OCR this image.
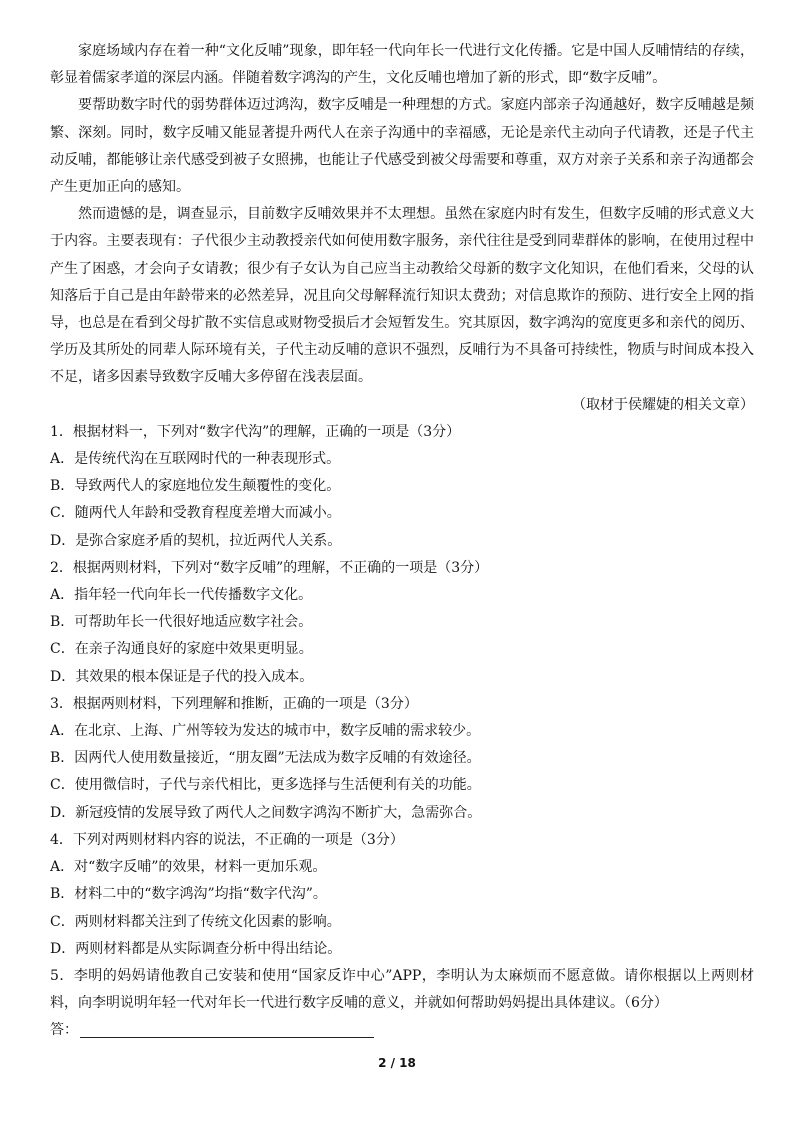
家庭场域内存在着一种“文化反哺”现象，即年轻一代向年长一代进行文化传播。它是中国人反哺情结的存续，彰显着儒家孝道的深层内涵。伴随着数字鸿沟的产生，文化反哺也增加了新的形式，即“数字反哺”。

要帮助数字时代的弱势群体迈过鸿沟，数字反哺是一种理想的方式。家庭内部亲子沟通越好，数字反哺越是频繁、深刻。同时，数字反哺又能显著提升两代人在亲子沟通中的幸福感，无论是亲代主动向子代请教，还是子代主动反哺，都能够让亲代感受到被子女照拂，也能让子代感受到被父母需要和尊重，双方对亲子关系和亲子沟通都会产生更加正向的感知。

然而遗憾的是，调查显示，目前数字反哺效果并不太理想。虽然在家庭内时有发生，但数字反哺的形式意义大于内容。主要表现有：子代很少主动教授亲代如何使用数字服务，亲代往往是受到同辈群体的影响，在使用过程中产生了困惑，才会向子女请教；很少有子女认为自己应当主动教给父母新的数字文化知识，在他们看来，父母的认知落后于自己是由年龄带来的必然差异，况且向父母解释流行知识太费劲；对信息欺诈的预防、进行安全上网的指导，也总是在看到父母扩散不实信息或财物受损后才会短暂发生。究其原因，数字鸿沟的宽度更多和亲代的阅历、学历及其所处的同辈人际环境有关，子代主动反哺的意识不强烈，反哺行为不具备可持续性，物质与时间成本投入不足，诸多因素导致数字反哺大多停留在浅表层面。

（取材于侯耀婕的相关文章）

1．根据材料一，下列对“数字代沟”的理解，正确的一项是（3分）

A．是传统代沟在互联网时代的一种表现形式。

B．导致两代人的家庭地位发生颠覆性的变化。

C．随两代人年龄和受教育程度差增大而减小。

D．是弥合家庭矛盾的契机，拉近两代人关系。

2．根据两则材料，下列对“数字反哺”的理解，不正确的一项是（3分）

A．指年轻一代向年长一代传播数字文化。

B．可帮助年长一代很好地适应数字社会。

C．在亲子沟通良好的家庭中效果更明显。

D．其效果的根本保证是子代的投入成本。

3．根据两则材料，下列理解和推断，正确的一项是（3分）

A．在北京、上海、广州等较为发达的城市中，数字反哺的需求较少。

B．因两代人使用数量接近，“朋友圈”无法成为数字反哺的有效途径。

C．使用微信时，子代与亲代相比，更多选择与生活便利有关的功能。

D．新冠疫情的发展导致了两代人之间数字鸿沟不断扩大，急需弥合。

4．下列对两则材料内容的说法，不正确的一项是（3分）

A．对“数字反哺”的效果，材料一更加乐观。

B．材料二中的“数字鸿沟”均指“数字代沟”。

C．两则材料都关注到了传统文化因素的影响。

D．两则材料都是从实际调查分析中得出结论。

5．李明的妈妈请他教自己安装和使用“国家反诈中心”APP，李明认为太麻烦而不愿意做。请你根据以上两则材料，向李明说明年轻一代对年长一代进行数字反哺的意义，并就如何帮助妈妈提出具体建议。（6分）

答：

2 / 18
